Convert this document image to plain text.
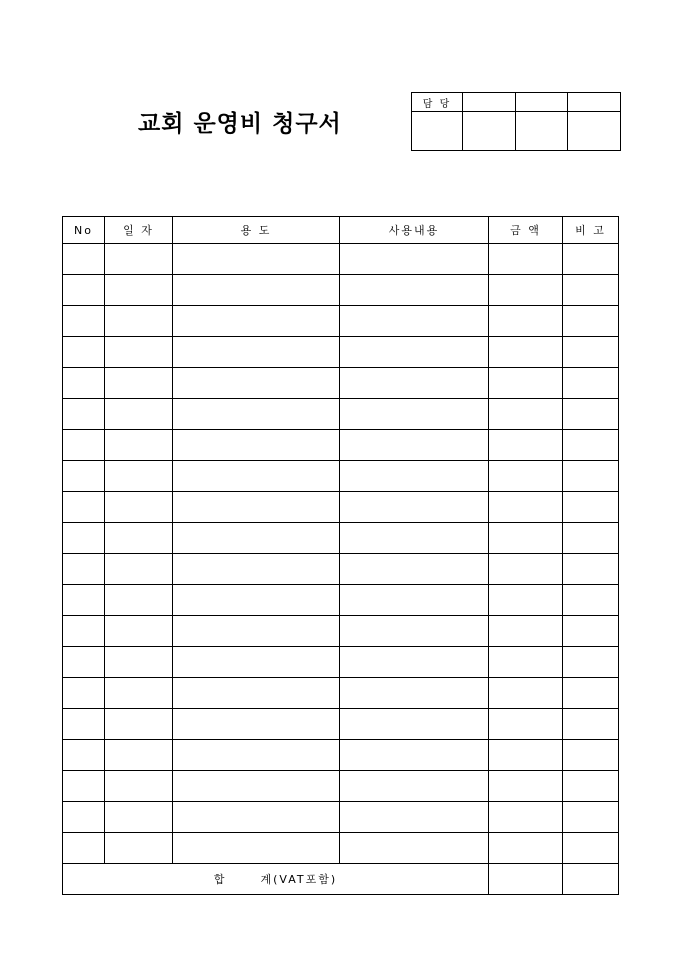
교회 운영비 청구서
담 당			

No	일 자	용 도	사용내용	금 액	비 고

합 계(VAT포함)					
